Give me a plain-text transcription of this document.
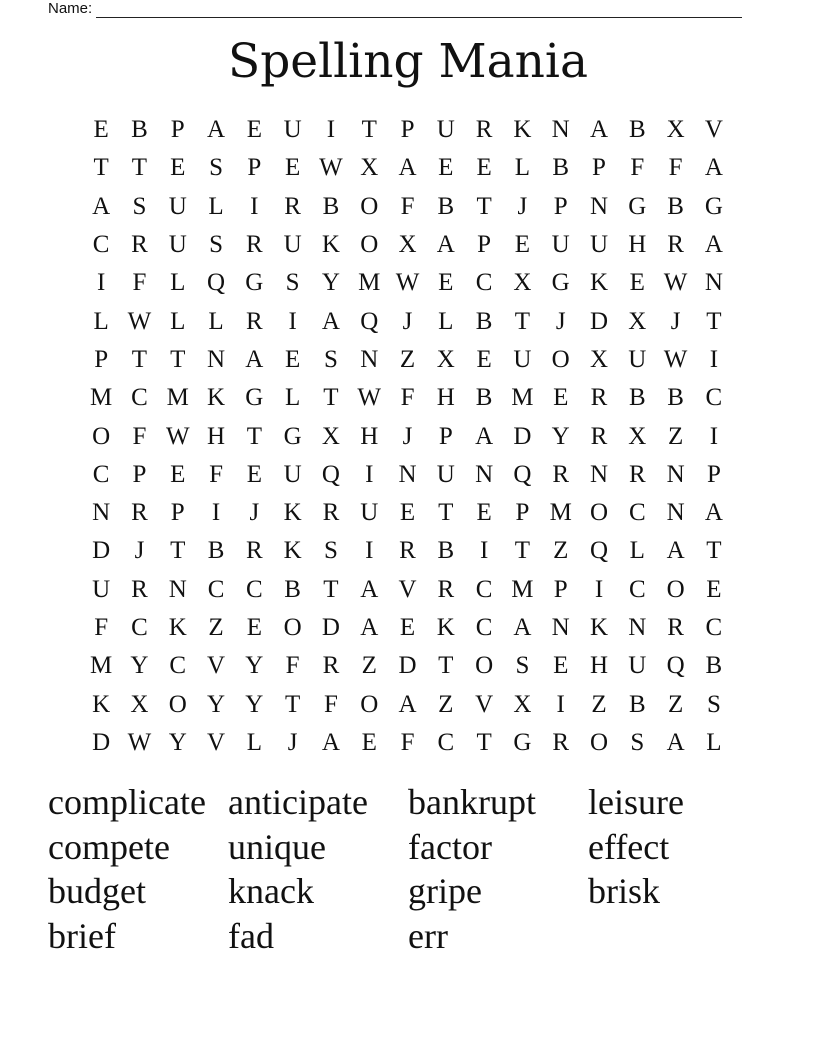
Name:
Spelling Mania
E B P A E U	I	T P U R K N A B X V
T T E S P E W X A E E L B P F F A
A S U L	I	R B O F B T	J	P N G B G
C R U S R U K O X A P E U U H R A
I	F L Q G S Y M W E C X G K E W N
L W L L R	I	A Q J	L B T	J D X J	T
P T T N A E S N Z X E U O X U W I
M C M K G L T W F H B M E R B B C
O F W H T G X H J	P A D Y R X Z	I
C P E F E U Q	I	N U N Q R N R N P
N R P	I	J K R U E T E P M O C N A
D J	T B R K S	I	R B	I	T Z Q L A T
U R N C C B T A V R C M P	I	C O E
F C K Z E O D A E K C A N K N R C
M Y C V Y F R Z D T O S E H U Q B
K X O Y Y T F O A Z V X	I	Z B Z S
D W Y V L	J A E F C T G R O S A L
complicate anticipate	bankrupt	leisure
compete	unique	factor	effect
budget	knack	gripe	brisk
brief	fad	err
